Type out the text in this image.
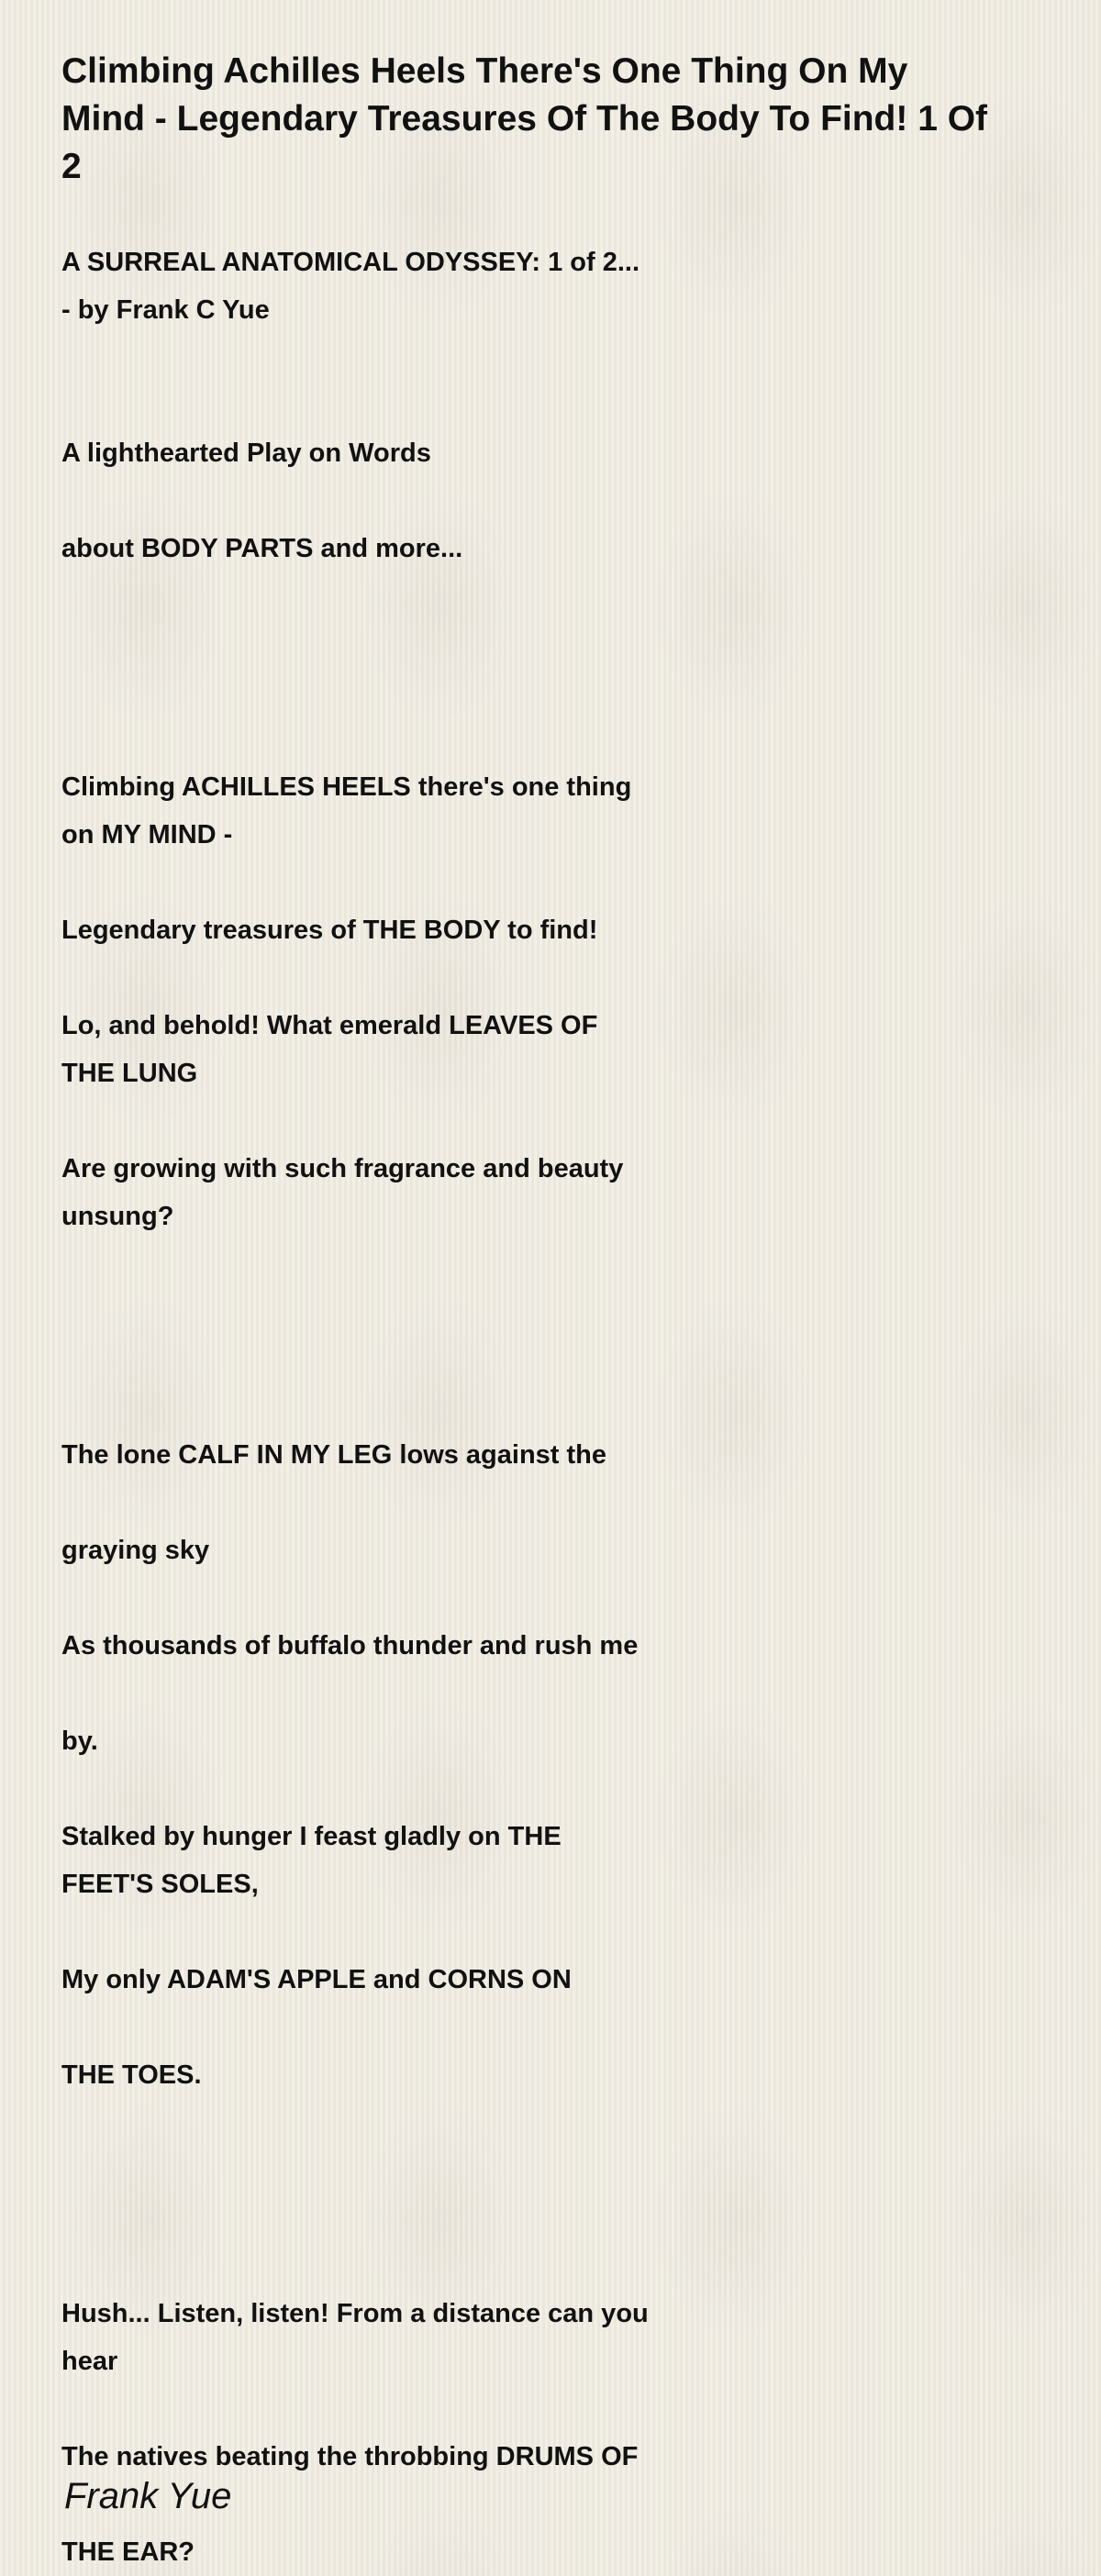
Climbing Achilles Heels There's One Thing On My Mind - Legendary Treasures Of The Body To Find! 1 Of 2
A SURREAL ANATOMICAL ODYSSEY: 1 of 2...
- by Frank C Yue
A lighthearted Play on Words
about BODY PARTS and more...
Climbing ACHILLES HEELS there's one thing
on MY MIND -
Legendary treasures of THE BODY to find!
Lo, and behold! What emerald LEAVES OF
THE LUNG
Are growing with such fragrance and beauty
unsung?
The lone CALF IN MY LEG lows against the
graying sky
As thousands of buffalo thunder and rush me
by.
Stalked by hunger I feast gladly on THE
FEET'S SOLES,
My only ADAM'S APPLE and CORNS ON
THE TOES.
Hush... Listen, listen! From a distance can you
hear
The natives beating the throbbing DRUMS OF
THE EAR?
Frank Yue
